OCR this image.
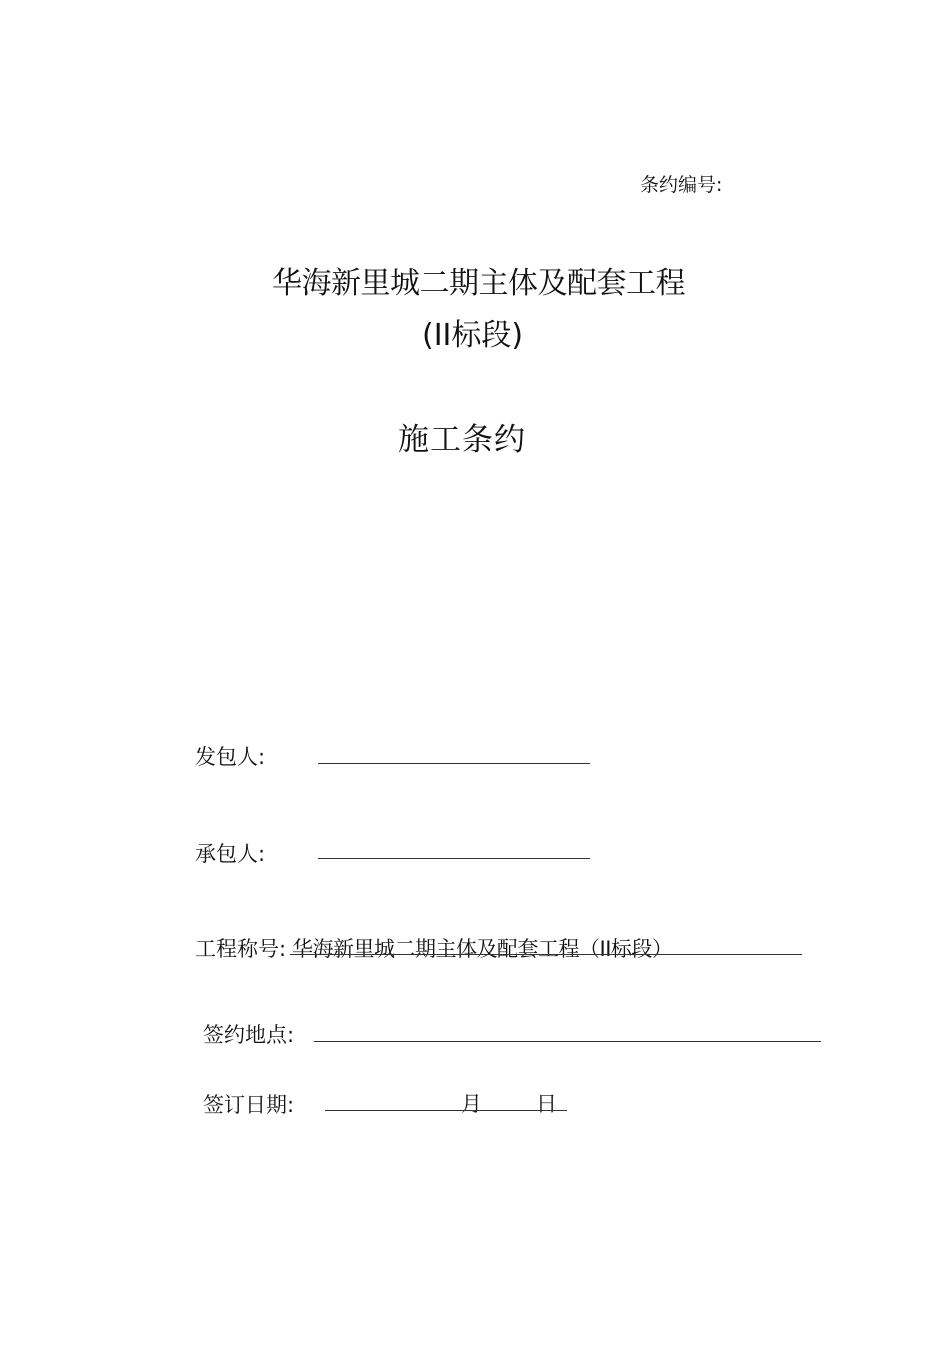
条约编号:
华海新里城二期主体及配套工程
(II标段)
施工条约
发包人:
承包人:
工程称号: 华海新里城二期主体及配套工程（II标段）
签约地点:
签订日期:	月	日
